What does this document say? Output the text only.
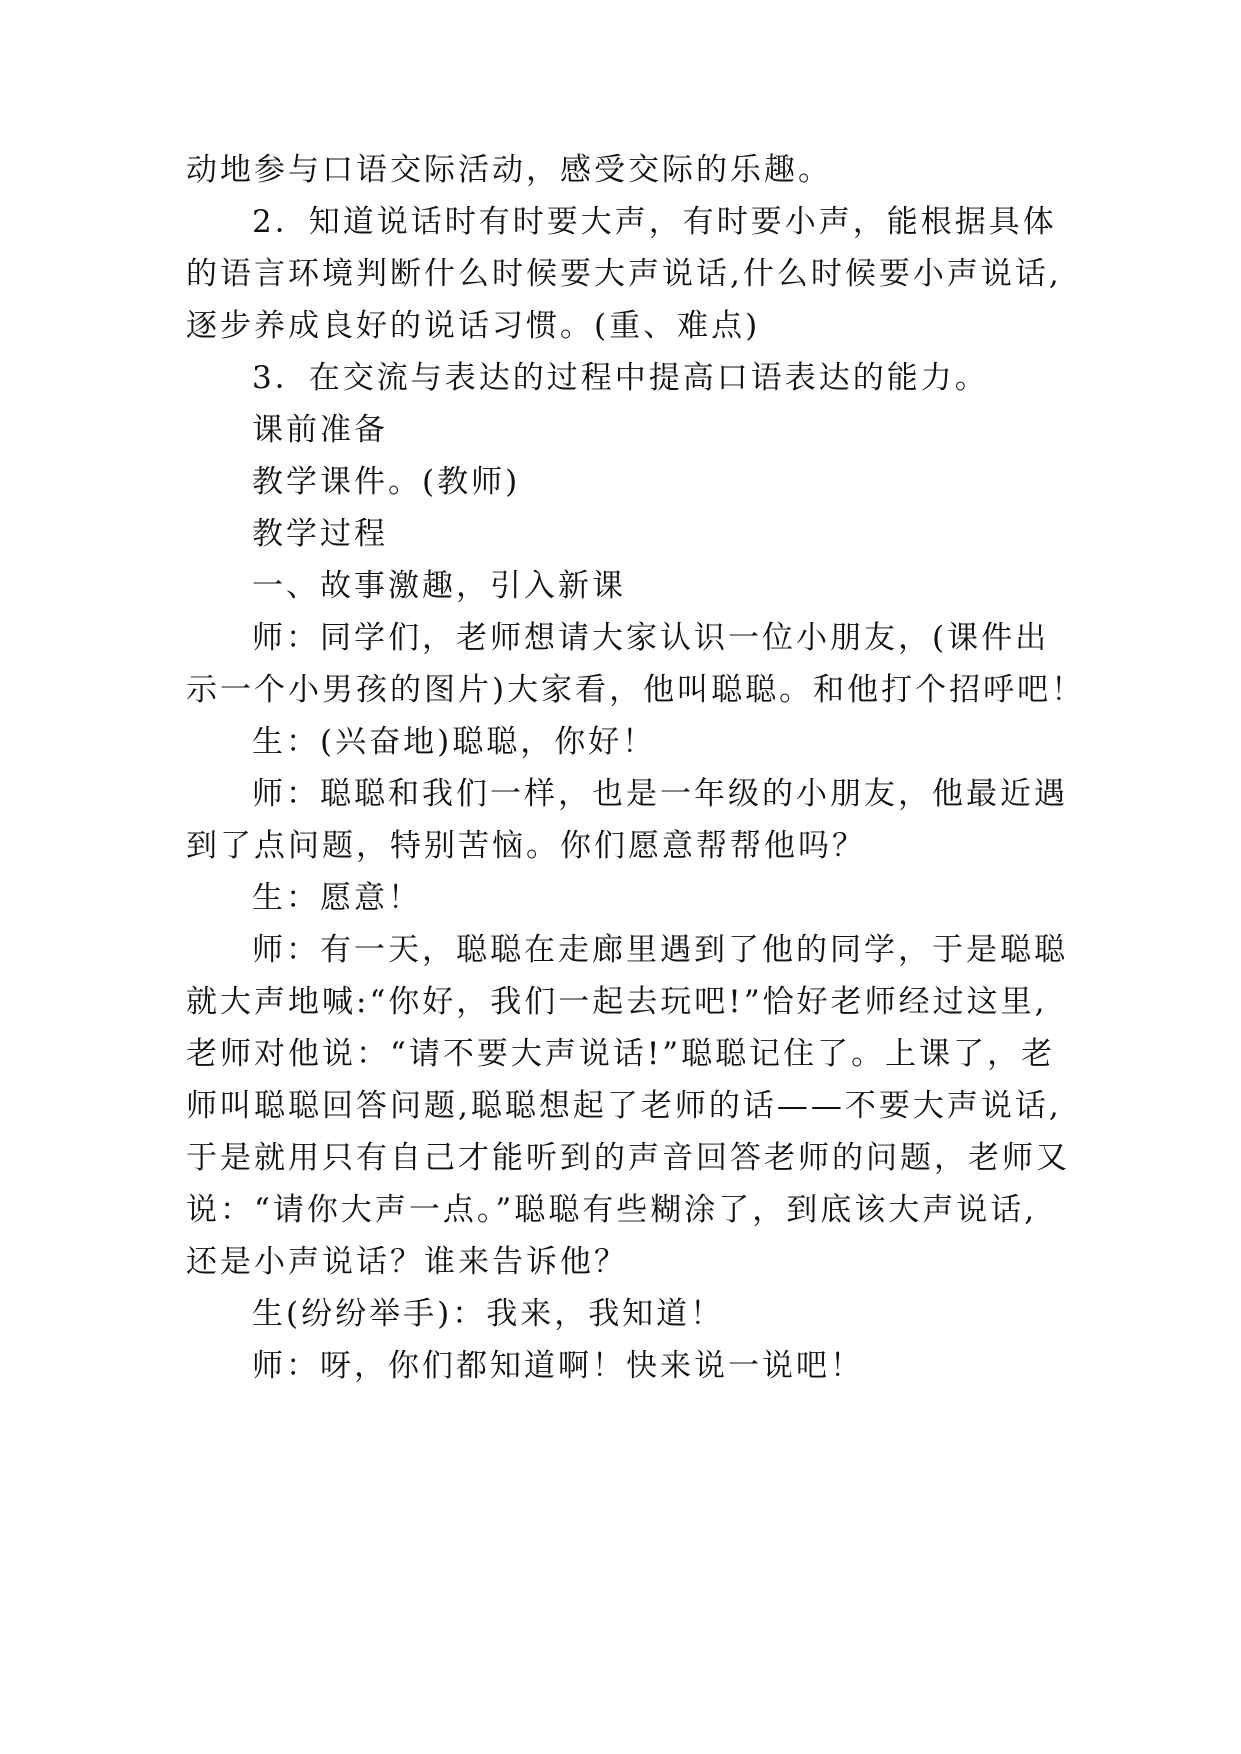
动地参与口语交际活动，感受交际的乐趣。
2．知道说话时有时要大声，有时要小声，能根据具体
的语言环境判断什么时候要大声说话,什么时候要小声说话,
逐步养成良好的说话习惯。(重、难点)
3．在交流与表达的过程中提高口语表达的能力。
课前准备
教学课件。(教师)
教学过程
一、故事激趣，引入新课
师：同学们，老师想请大家认识一位小朋友，(课件出
示一个小男孩的图片)大家看，他叫聪聪。和他打个招呼吧！
生：(兴奋地)聪聪，你好！
师：聪聪和我们一样，也是一年级的小朋友，他最近遇
到了点问题，特别苦恼。你们愿意帮帮他吗？
生：愿意！
师：有一天，聪聪在走廊里遇到了他的同学，于是聪聪
就大声地喊:“你好，我们一起去玩吧!”恰好老师经过这里,
老师对他说：“请不要大声说话!”聪聪记住了。上课了，老
师叫聪聪回答问题,聪聪想起了老师的话——不要大声说话,
于是就用只有自己才能听到的声音回答老师的问题，老师又
说：“请你大声一点。”聪聪有些糊涂了，到底该大声说话,
还是小声说话？谁来告诉他？
生(纷纷举手)：我来，我知道！
师：呀，你们都知道啊！快来说一说吧！
